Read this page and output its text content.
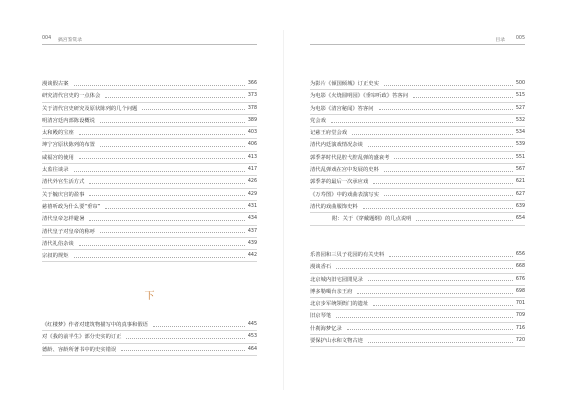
004 搞宫鉴赏录	目录 005
漫谈假古案	366
研究清代宫史的一点体会	373
关于清代宫史研究及原状陈列的几个问题	378
明清宫廷内部陈设概说	389
太和殿的宝座	403
坤宁宫原状陈列的布置	406
咸福宫的使用	413
太监往谈录	417
清代外官生活方式	426
关于毓庆宫的盈事	429
慈禧听政为什么要“垂帘”	431
清代皇帝怎样避暑	434
清代皇子对皇帝的称呼	437
清代礼俗杂谈	439
宗叔的规矩	442
下
《红楼梦》作者对建筑物描写中的真事和假语	445
对《我的前半生》部分史实的订正	453
德龄、容龄所著书中的史实错误	464
为影片《倾国倾城》订正史实	500
为电影《火烧圆明园》《垂帘听政》答客问	515
为电影《清宫秘闻》答客问	527
党会戏	532
记慈王府堂会戏	534
清代内廷演戏情况杂谈	539
郭季茅时代昆腔弋腔乱弹的盛衰考	551
清代乱弹戏在宫中发展的史料	567
郭季茅的最后一次承应戏	621
《万寿图》中的戏曲表演写实	627
清代的戏曲服饰史料	639
附：关于《穿戴题纲》的几点说明	654
乐善园和三贝子花园的有关史料	656
漫谈香石	668
北京城内旧宅园閒见录	676
博多勒噶台亲王府	698
北京步军统领衙门的遗址	701
旧京琴笔	709
什刹海梦忆录	716
要保护山水和文物古迹	720
